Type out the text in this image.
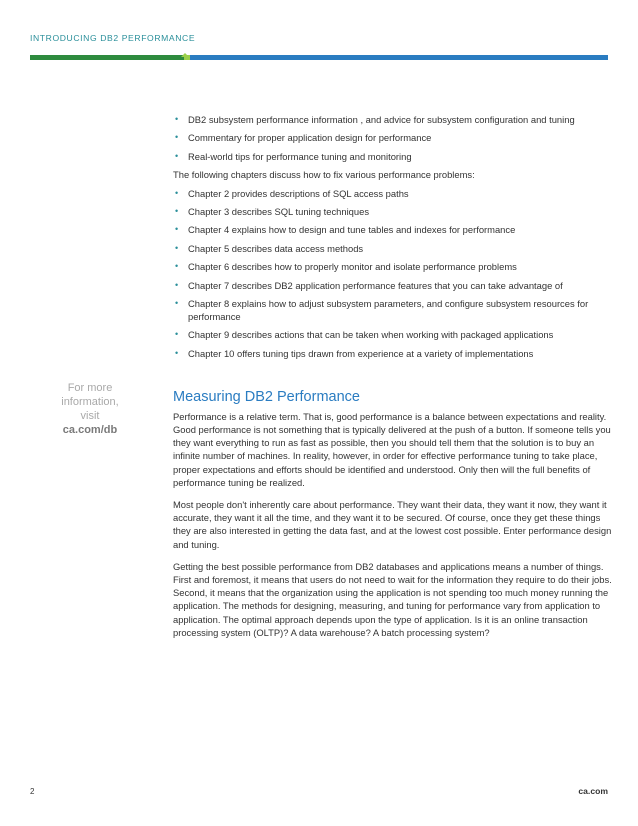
INTRODUCING DB2 PERFORMANCE
• DB2 subsystem performance information , and advice for subsystem configuration and tuning
• Commentary for proper application design for performance
• Real-world tips for performance tuning and monitoring
The following chapters discuss how to fix various performance problems:
• Chapter 2 provides descriptions of SQL access paths
• Chapter 3 describes SQL tuning techniques
• Chapter 4 explains how to design and tune tables and indexes for performance
• Chapter 5 describes data access methods
• Chapter 6 describes how to properly monitor and isolate performance problems
• Chapter 7 describes DB2 application performance features that you can take advantage of
• Chapter 8 explains how to adjust subsystem parameters, and configure subsystem resources for performance
• Chapter 9 describes actions that can be taken when working with packaged applications
• Chapter 10 offers tuning tips drawn from experience at a variety of implementations
Measuring DB2 Performance

Performance is a relative term. That is, good performance is a balance between expectations and reality. Good performance is not something that is typically delivered at the push of a button. If someone tells you they want everything to run as fast as possible, then you should tell them that the solution is to buy an infinite number of machines. In reality, however, in order for effective performance tuning to take place, proper expectations and efforts should be identified and understood. Only then will the full benefits of performance tuning be realized.

Most people don't inherently care about performance. They want their data, they want it now, they want it accurate, they want it all the time, and they want it to be secured. Of course, once they get these things they are also interested in getting the data fast, and at the lowest cost possible. Enter performance design and tuning.

Getting the best possible performance from DB2 databases and applications means a number of things. First and foremost, it means that users do not need to wait for the information they require to do their jobs. Second, it means that the organization using the application is not spending too much money running the application. The methods for designing, measuring, and tuning for performance vary from application to application. The optimal approach depends upon the type of application. Is it is an online transaction processing system (OLTP)? A data warehouse? A batch processing system?

For more
information,
visit
ca.com/db
2	ca.com
